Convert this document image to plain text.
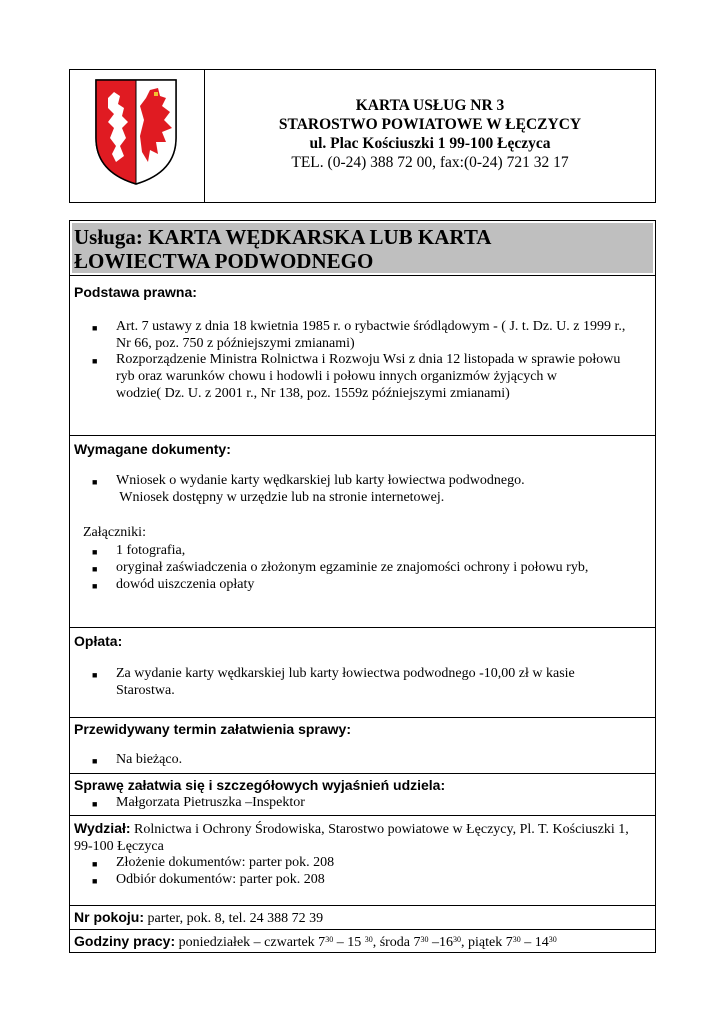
KARTA USŁUG NR 3
STAROSTWO POWIATOWE W ŁĘCZYCY
ul. Plac Kościuszki 1 99-100 Łęczyca
TEL. (0-24) 388 72 00, fax:(0-24) 721 32 17
Usługa: KARTA WĘDKARSKA LUB KARTA
ŁOWIECTWA PODWODNEGO
Podstawa prawna:
■ Art. 7 ustawy z dnia 18 kwietnia 1985 r. o rybactwie śródlądowym - ( J. t. Dz. U. z 1999 r.,
Nr 66, poz. 750 z późniejszymi zmianami)
■ Rozporządzenie Ministra Rolnictwa i Rozwoju Wsi z dnia 12 listopada w sprawie połowu
ryb oraz warunków chowu i hodowli i połowu innych organizmów żyjących w
wodzie( Dz. U. z 2001 r., Nr 138, poz. 1559z późniejszymi zmianami)
Wymagane dokumenty:
■ Wniosek o wydanie karty wędkarskiej lub karty łowiectwa podwodnego.
Wniosek dostępny w urzędzie lub na stronie internetowej.
Załączniki:
■ 1 fotografia,
■ oryginał zaświadczenia o złożonym egzaminie ze znajomości ochrony i połowu ryb,
■ dowód uiszczenia opłaty
Opłata:
■ Za wydanie karty wędkarskiej lub karty łowiectwa podwodnego -10,00 zł w kasie
Starostwa.
Przewidywany termin załatwienia sprawy:
■ Na bieżąco.
Sprawę załatwia się i szczegółowych wyjaśnień udziela:
■ Małgorzata Pietruszka –Inspektor
Wydział: Rolnictwa i Ochrony Środowiska, Starostwo powiatowe w Łęczycy, Pl. T. Kościuszki 1,
99-100 Łęczyca
■ Złożenie dokumentów: parter pok. 208
■ Odbiór dokumentów: parter pok. 208
Nr pokoju: parter, pok. 8, tel. 24 388 72 39
Godziny pracy: poniedziałek – czwartek $7^{30} - 15$ $^{30}$, środa $7^{30}$ $-16^{30}$, piątek $7^{30} - 14^{30}$
